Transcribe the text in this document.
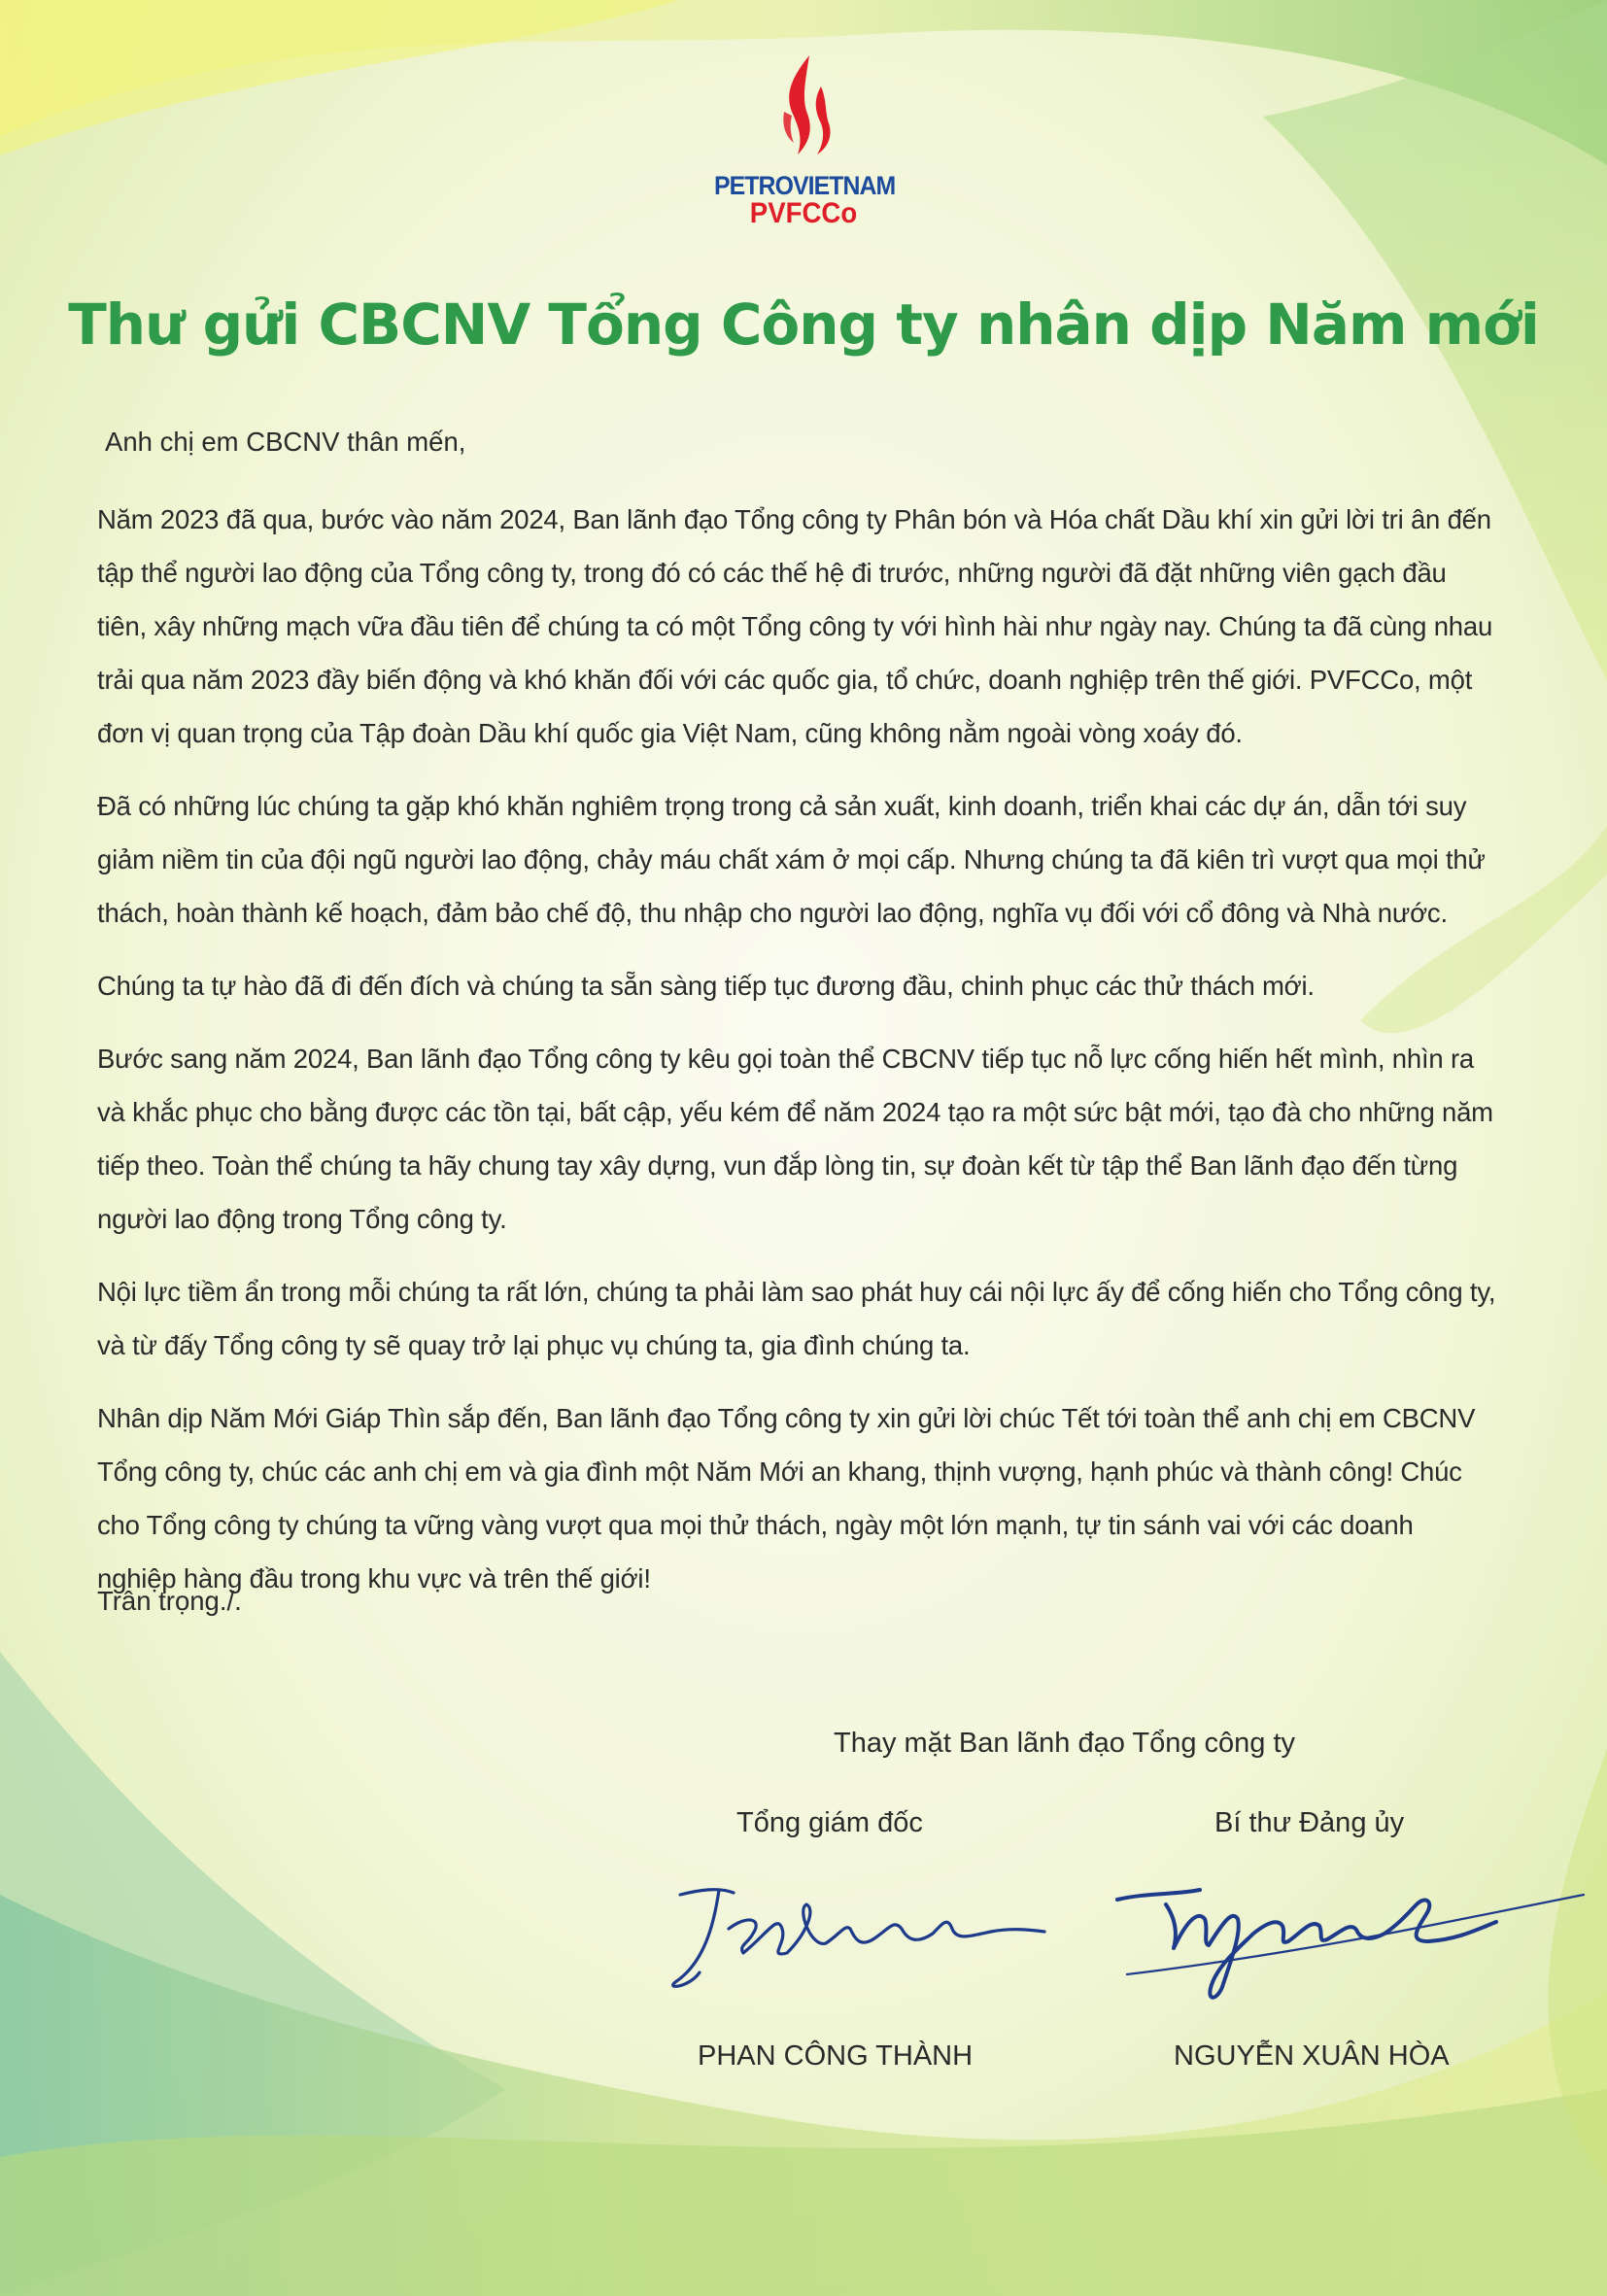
PETROVIETNAM
PVFCCo
Thư gửi CBCNV Tổng Công ty nhân dịp Năm mới
Anh chị em CBCNV thân mến,

Năm 2023 đã qua, bước vào năm 2024, Ban lãnh đạo Tổng công ty Phân bón và Hóa chất Dầu khí xin gửi lời tri ân đến tập thể người lao động của Tổng công ty, trong đó có các thế hệ đi trước, những người đã đặt những viên gạch đầu tiên, xây những mạch vữa đầu tiên để chúng ta có một Tổng công ty với hình hài như ngày nay. Chúng ta đã cùng nhau trải qua năm 2023 đầy biến động và khó khăn đối với các quốc gia, tổ chức, doanh nghiệp trên thế giới. PVFCCo, một đơn vị quan trọng của Tập đoàn Dầu khí quốc gia Việt Nam, cũng không nằm ngoài vòng xoáy đó.

Đã có những lúc chúng ta gặp khó khăn nghiêm trọng trong cả sản xuất, kinh doanh, triển khai các dự án, dẫn tới suy giảm niềm tin của đội ngũ người lao động, chảy máu chất xám ở mọi cấp. Nhưng chúng ta đã kiên trì vượt qua mọi thử thách, hoàn thành kế hoạch, đảm bảo chế độ, thu nhập cho người lao động, nghĩa vụ đối với cổ đông và Nhà nước.

Chúng ta tự hào đã đi đến đích và chúng ta sẵn sàng tiếp tục đương đầu, chinh phục các thử thách mới.

Bước sang năm 2024, Ban lãnh đạo Tổng công ty kêu gọi toàn thể CBCNV tiếp tục nỗ lực cống hiến hết mình, nhìn ra và khắc phục cho bằng được các tồn tại, bất cập, yếu kém để năm 2024 tạo ra một sức bật mới, tạo đà cho những năm tiếp theo. Toàn thể chúng ta hãy chung tay xây dựng, vun đắp lòng tin, sự đoàn kết từ tập thể Ban lãnh đạo đến từng người lao động trong Tổng công ty.

Nội lực tiềm ẩn trong mỗi chúng ta rất lớn, chúng ta phải làm sao phát huy cái nội lực ấy để cống hiến cho Tổng công ty, và từ đấy Tổng công ty sẽ quay trở lại phục vụ chúng ta, gia đình chúng ta.

Nhân dịp Năm Mới Giáp Thìn sắp đến, Ban lãnh đạo Tổng công ty xin gửi lời chúc Tết tới toàn thể anh chị em CBCNV Tổng công ty, chúc các anh chị em và gia đình một Năm Mới an khang, thịnh vượng, hạnh phúc và thành công! Chúc cho Tổng công ty chúng ta vững vàng vượt qua mọi thử thách, ngày một lớn mạnh, tự tin sánh vai với các doanh nghiệp hàng đầu trong khu vực và trên thế giới!

Trân trọng./.
Thay mặt Ban lãnh đạo Tổng công ty
Tổng giám đốc	Bí thư Đảng ủy
PHAN CÔNG THÀNH	NGUYỄN XUÂN HÒA
